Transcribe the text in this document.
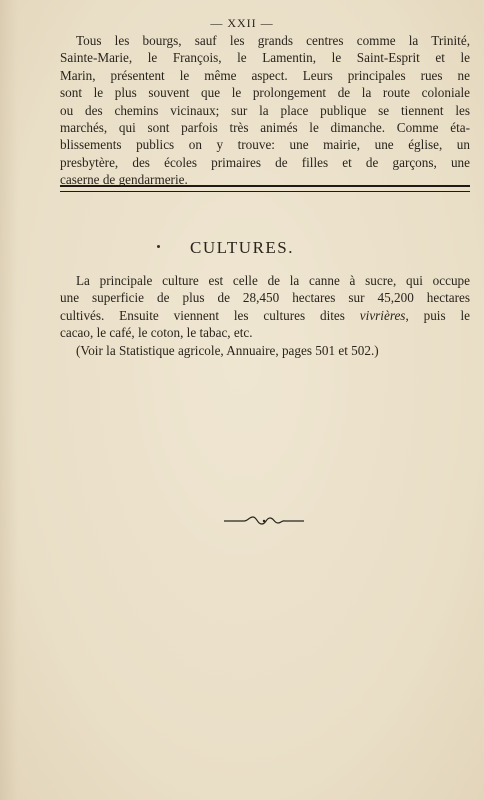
— XXII —
Tous les bourgs, sauf les grands centres comme la Trinité,
Sainte-Marie, le François, le Lamentin, le Saint-Esprit et le
Marin, présentent le même aspect. Leurs principales rues ne
sont le plus souvent que le prolongement de la route coloniale
ou des chemins vicinaux; sur la place publique se tiennent les
marchés, qui sont parfois très animés le dimanche. Comme éta-
blissements publics on y trouve: une mairie, une église, un
presbytère, des écoles primaires de filles et de garçons, une
caserne de gendarmerie.
CULTURES.
La principale culture est celle de la canne à sucre, qui occupe
une superficie de plus de 28,450 hectares sur 45,200 hectares
cultivés. Ensuite viennent les cultures dites vivrières, puis le
cacao, le café, le coton, le tabac, etc.
(Voir la Statistique agricole, Annuaire, pages 501 et 502.)
